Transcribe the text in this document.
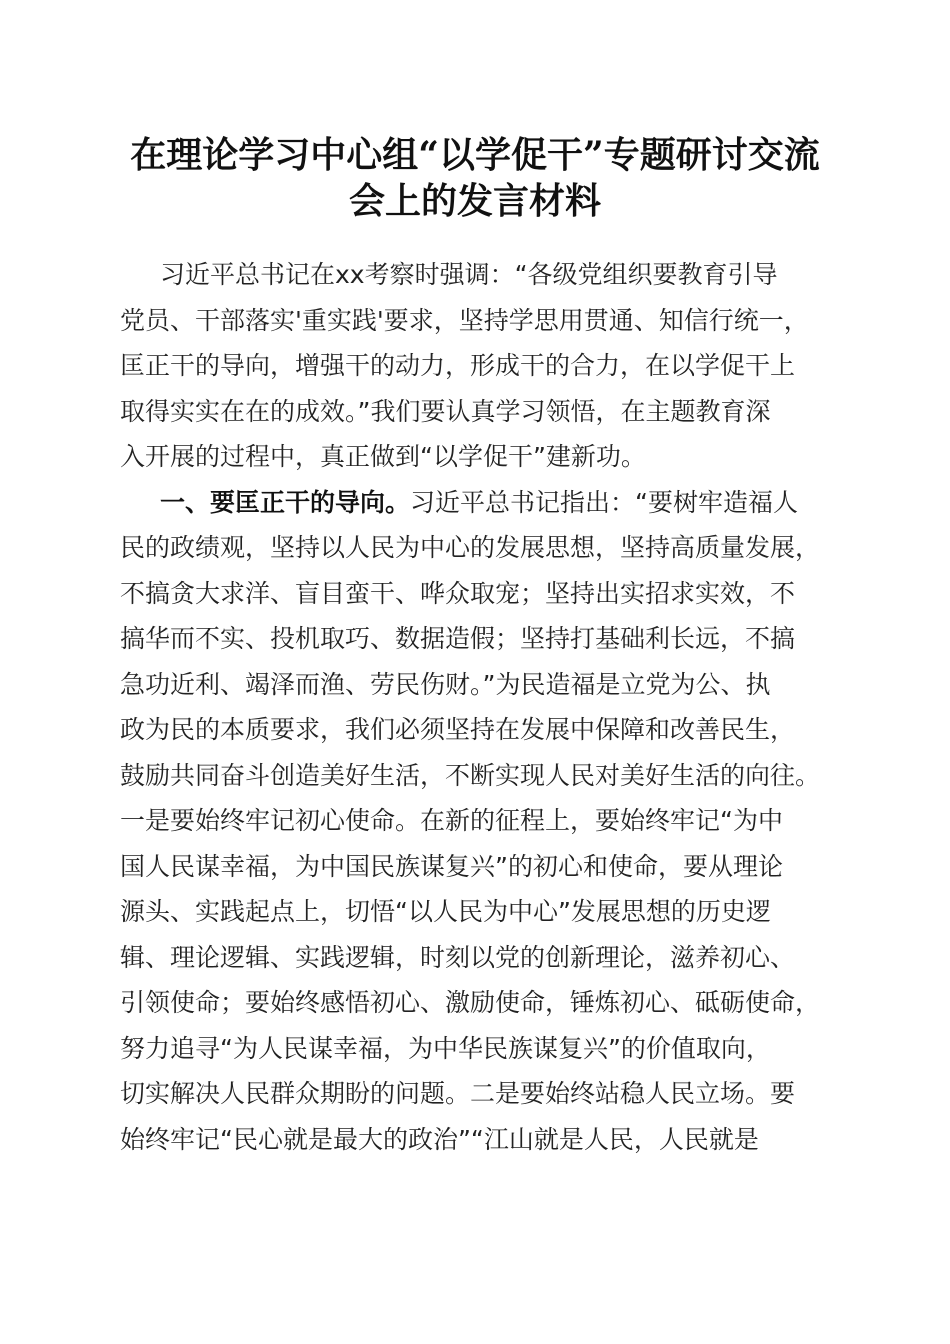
在理论学习中心组“以学促干”专题研讨交流
会上的发言材料
习近平总书记在xx考察时强调：“各级党组织要教育引导
党员、干部落实'重实践'要求，坚持学思用贯通、知信行统一，
匡正干的导向，增强干的动力，形成干的合力，在以学促干上
取得实实在在的成效。”我们要认真学习领悟，在主题教育深
入开展的过程中，真正做到“以学促干”建新功。
一、要匡正干的导向。习近平总书记指出：“要树牢造福人
民的政绩观，坚持以人民为中心的发展思想，坚持高质量发展，
不搞贪大求洋、盲目蛮干、哗众取宠；坚持出实招求实效，不
搞华而不实、投机取巧、数据造假；坚持打基础利长远，不搞
急功近利、竭泽而渔、劳民伤财。”为民造福是立党为公、执
政为民的本质要求，我们必须坚持在发展中保障和改善民生，
鼓励共同奋斗创造美好生活，不断实现人民对美好生活的向往。
一是要始终牢记初心使命。在新的征程上，要始终牢记“为中
国人民谋幸福，为中国民族谋复兴”的初心和使命，要从理论
源头、实践起点上，切悟“以人民为中心”发展思想的历史逻
辑、理论逻辑、实践逻辑，时刻以党的创新理论，滋养初心、
引领使命；要始终感悟初心、激励使命，锤炼初心、砥砺使命，
努力追寻“为人民谋幸福，为中华民族谋复兴”的价值取向，
切实解决人民群众期盼的问题。二是要始终站稳人民立场。要
始终牢记“民心就是最大的政治”“江山就是人民，人民就是
